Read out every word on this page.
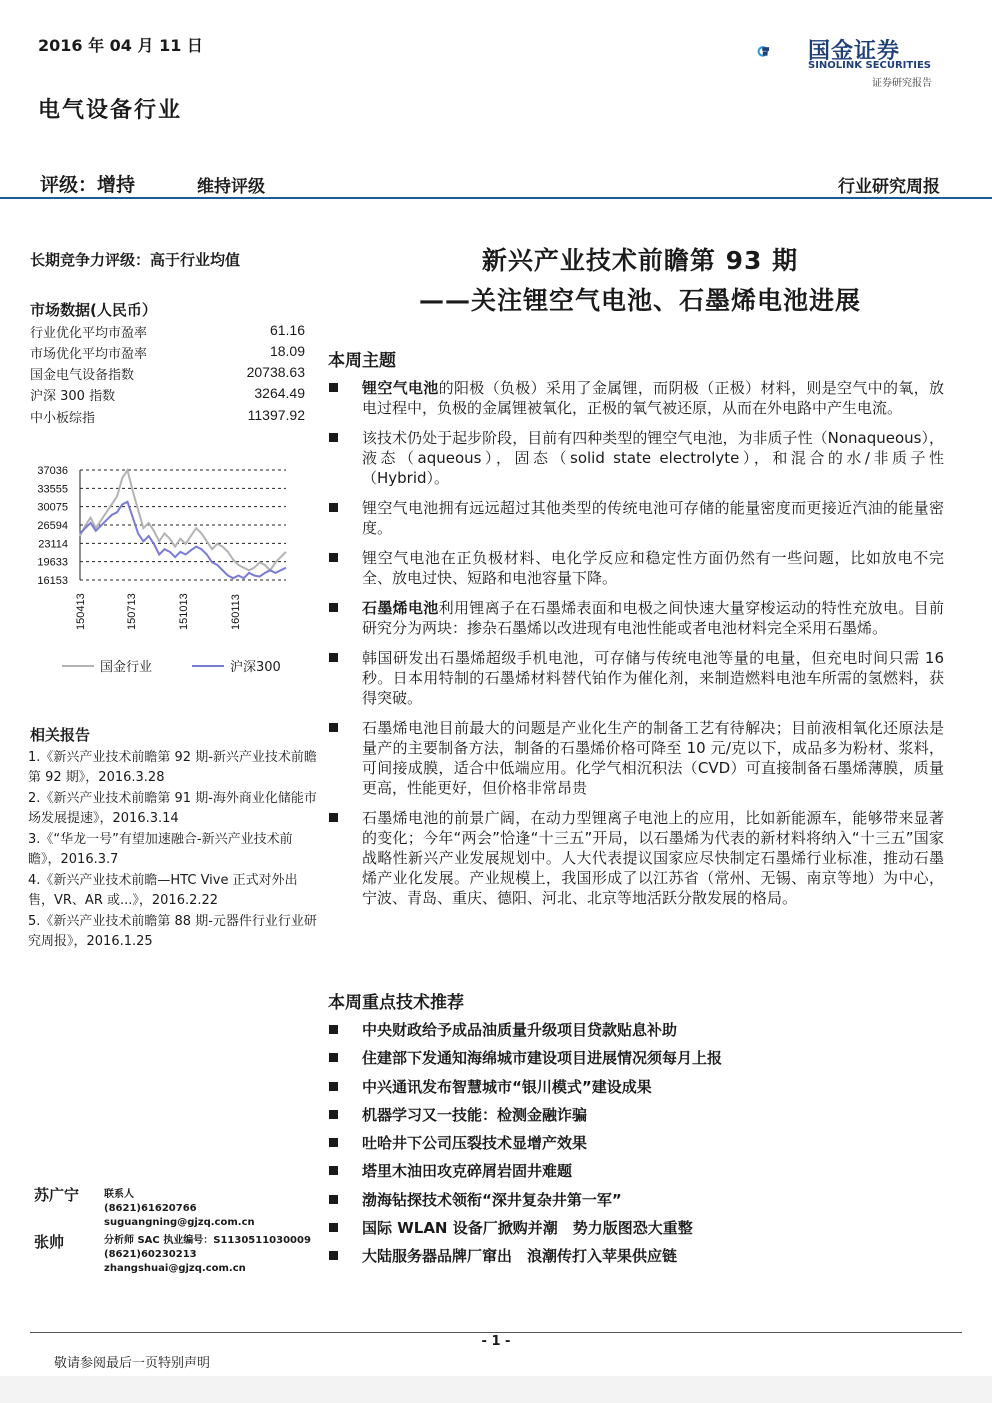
2016 年 04 月 11 日
电气设备行业
评级：增持	维持评级	行业研究周报
国金证券
SINOLINK SECURITIES
证券研究报告
长期竞争力评级：高于行业均值
市场数据(人民币）
行业优化平均市盈率	61.16
市场优化平均市盈率	18.09
国金电气设备指数	20738.63
沪深 300 指数	3264.49
中小板综指	11397.92
37036
33555
30075
26594
23114
19633
16153
150413	150713	151013	160113
国金行业	沪深300
相关报告
1.《新兴产业技术前瞻第 92 期-新兴产业技术前瞻第 92 期》，2016.3.28
2.《新兴产业技术前瞻第 91 期-海外商业化储能市场发展提速》，2016.3.14
3.《“华龙一号”有望加速融合-新兴产业技术前瞻》，2016.3.7
4.《新兴产业技术前瞻—HTC Vive 正式对外出售，VR、AR 或...》，2016.2.22
5.《新兴产业技术前瞻第 88 期-元器件行业行业研究周报》，2016.1.25
苏广宁 联系人
(8621)61620766
suguangning@gjzq.com.cn
张帅	分析师 SAC 执业编号：S1130511030009
(8621)60230213
zhangshuai@gjzq.com.cn
新兴产业技术前瞻第 93 期
——关注锂空气电池、石墨烯电池进展
本周主题
锂空气电池的阳极（负极）采用了金属锂，而阴极（正极）材料，则是空气中的氧，放电过程中，负极的金属锂被氧化，正极的氧气被还原，从而在外电路中产生电流。
该技术仍处于起步阶段，目前有四种类型的锂空气电池，为非质子性（Nonaqueous），液态（aqueous），固态（solid state electrolyte），和混合的水/非质子性（Hybrid）。
锂空气电池拥有远远超过其他类型的传统电池可存储的能量密度而更接近汽油的能量密度。
锂空气电池在正负极材料、电化学反应和稳定性方面仍然有一些问题，比如放电不完全、放电过快、短路和电池容量下降。
石墨烯电池利用锂离子在石墨烯表面和电极之间快速大量穿梭运动的特性充放电。目前研究分为两块：掺杂石墨烯以改进现有电池性能或者电池材料完全采用石墨烯。
韩国研发出石墨烯超级手机电池，可存储与传统电池等量的电量，但充电时间只需 16 秒。日本用特制的石墨烯材料替代铂作为催化剂，来制造燃料电池车所需的氢燃料，获得突破。
石墨烯电池目前最大的问题是产业化生产的制备工艺有待解决；目前液相氧化还原法是量产的主要制备方法，制备的石墨烯价格可降至 10 元/克以下，成品多为粉材、浆料，可间接成膜，适合中低端应用。化学气相沉积法（CVD）可直接制备石墨烯薄膜，质量更高，性能更好，但价格非常昂贵
石墨烯电池的前景广阔，在动力型锂离子电池上的应用，比如新能源车，能够带来显著的变化；今年“两会”恰逢“十三五”开局，以石墨烯为代表的新材料将纳入“十三五”国家战略性新兴产业发展规划中。人大代表提议国家应尽快制定石墨烯行业标准，推动石墨烯产业化发展。产业规模上，我国形成了以江苏省（常州、无锡、南京等地）为中心，宁波、青岛、重庆、德阳、河北、北京等地活跃分散发展的格局。
本周重点技术推荐
中央财政给予成品油质量升级项目贷款贴息补助
住建部下发通知海绵城市建设项目进展情况须每月上报
中兴通讯发布智慧城市“银川模式”建设成果
机器学习又一技能：检测金融诈骗
吐哈井下公司压裂技术显增产效果
塔里木油田攻克碎屑岩固井难题
渤海钻探技术领衔“深井复杂井第一军”
国际 WLAN 设备厂掀购并潮　势力版图恐大重整
大陆服务器品牌厂窜出　浪潮传打入苹果供应链
- 1 -
敬请参阅最后一页特别声明
